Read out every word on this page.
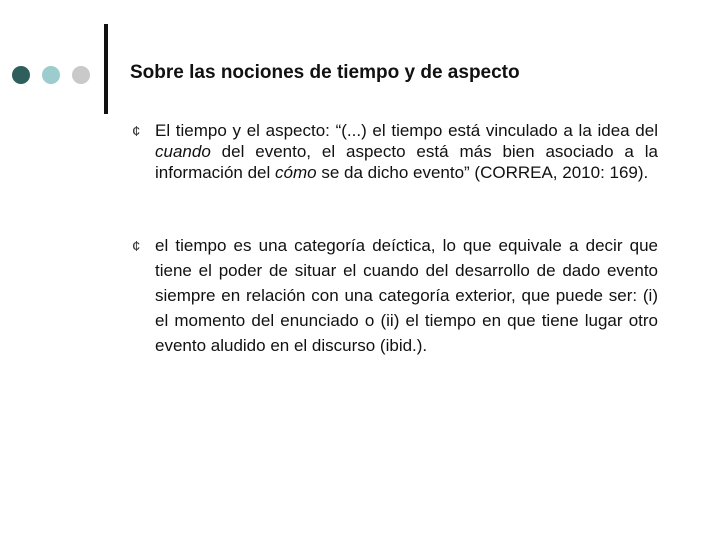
Sobre las nociones de tiempo y de aspecto
¢ El tiempo y el aspecto: “(...) el tiempo está vinculado a la idea del cuando del evento, el aspecto está más bien asociado a la información del cómo se da dicho evento” (CORREA, 2010: 169).
¢ el tiempo es una categoría deíctica, lo que equivale a decir que tiene el poder de situar el cuando del desarrollo de dado evento siempre en relación con una categoría exterior, que puede ser: (i) el momento del enunciado o (ii) el tiempo en que tiene lugar otro evento aludido en el discurso (ibid.).
